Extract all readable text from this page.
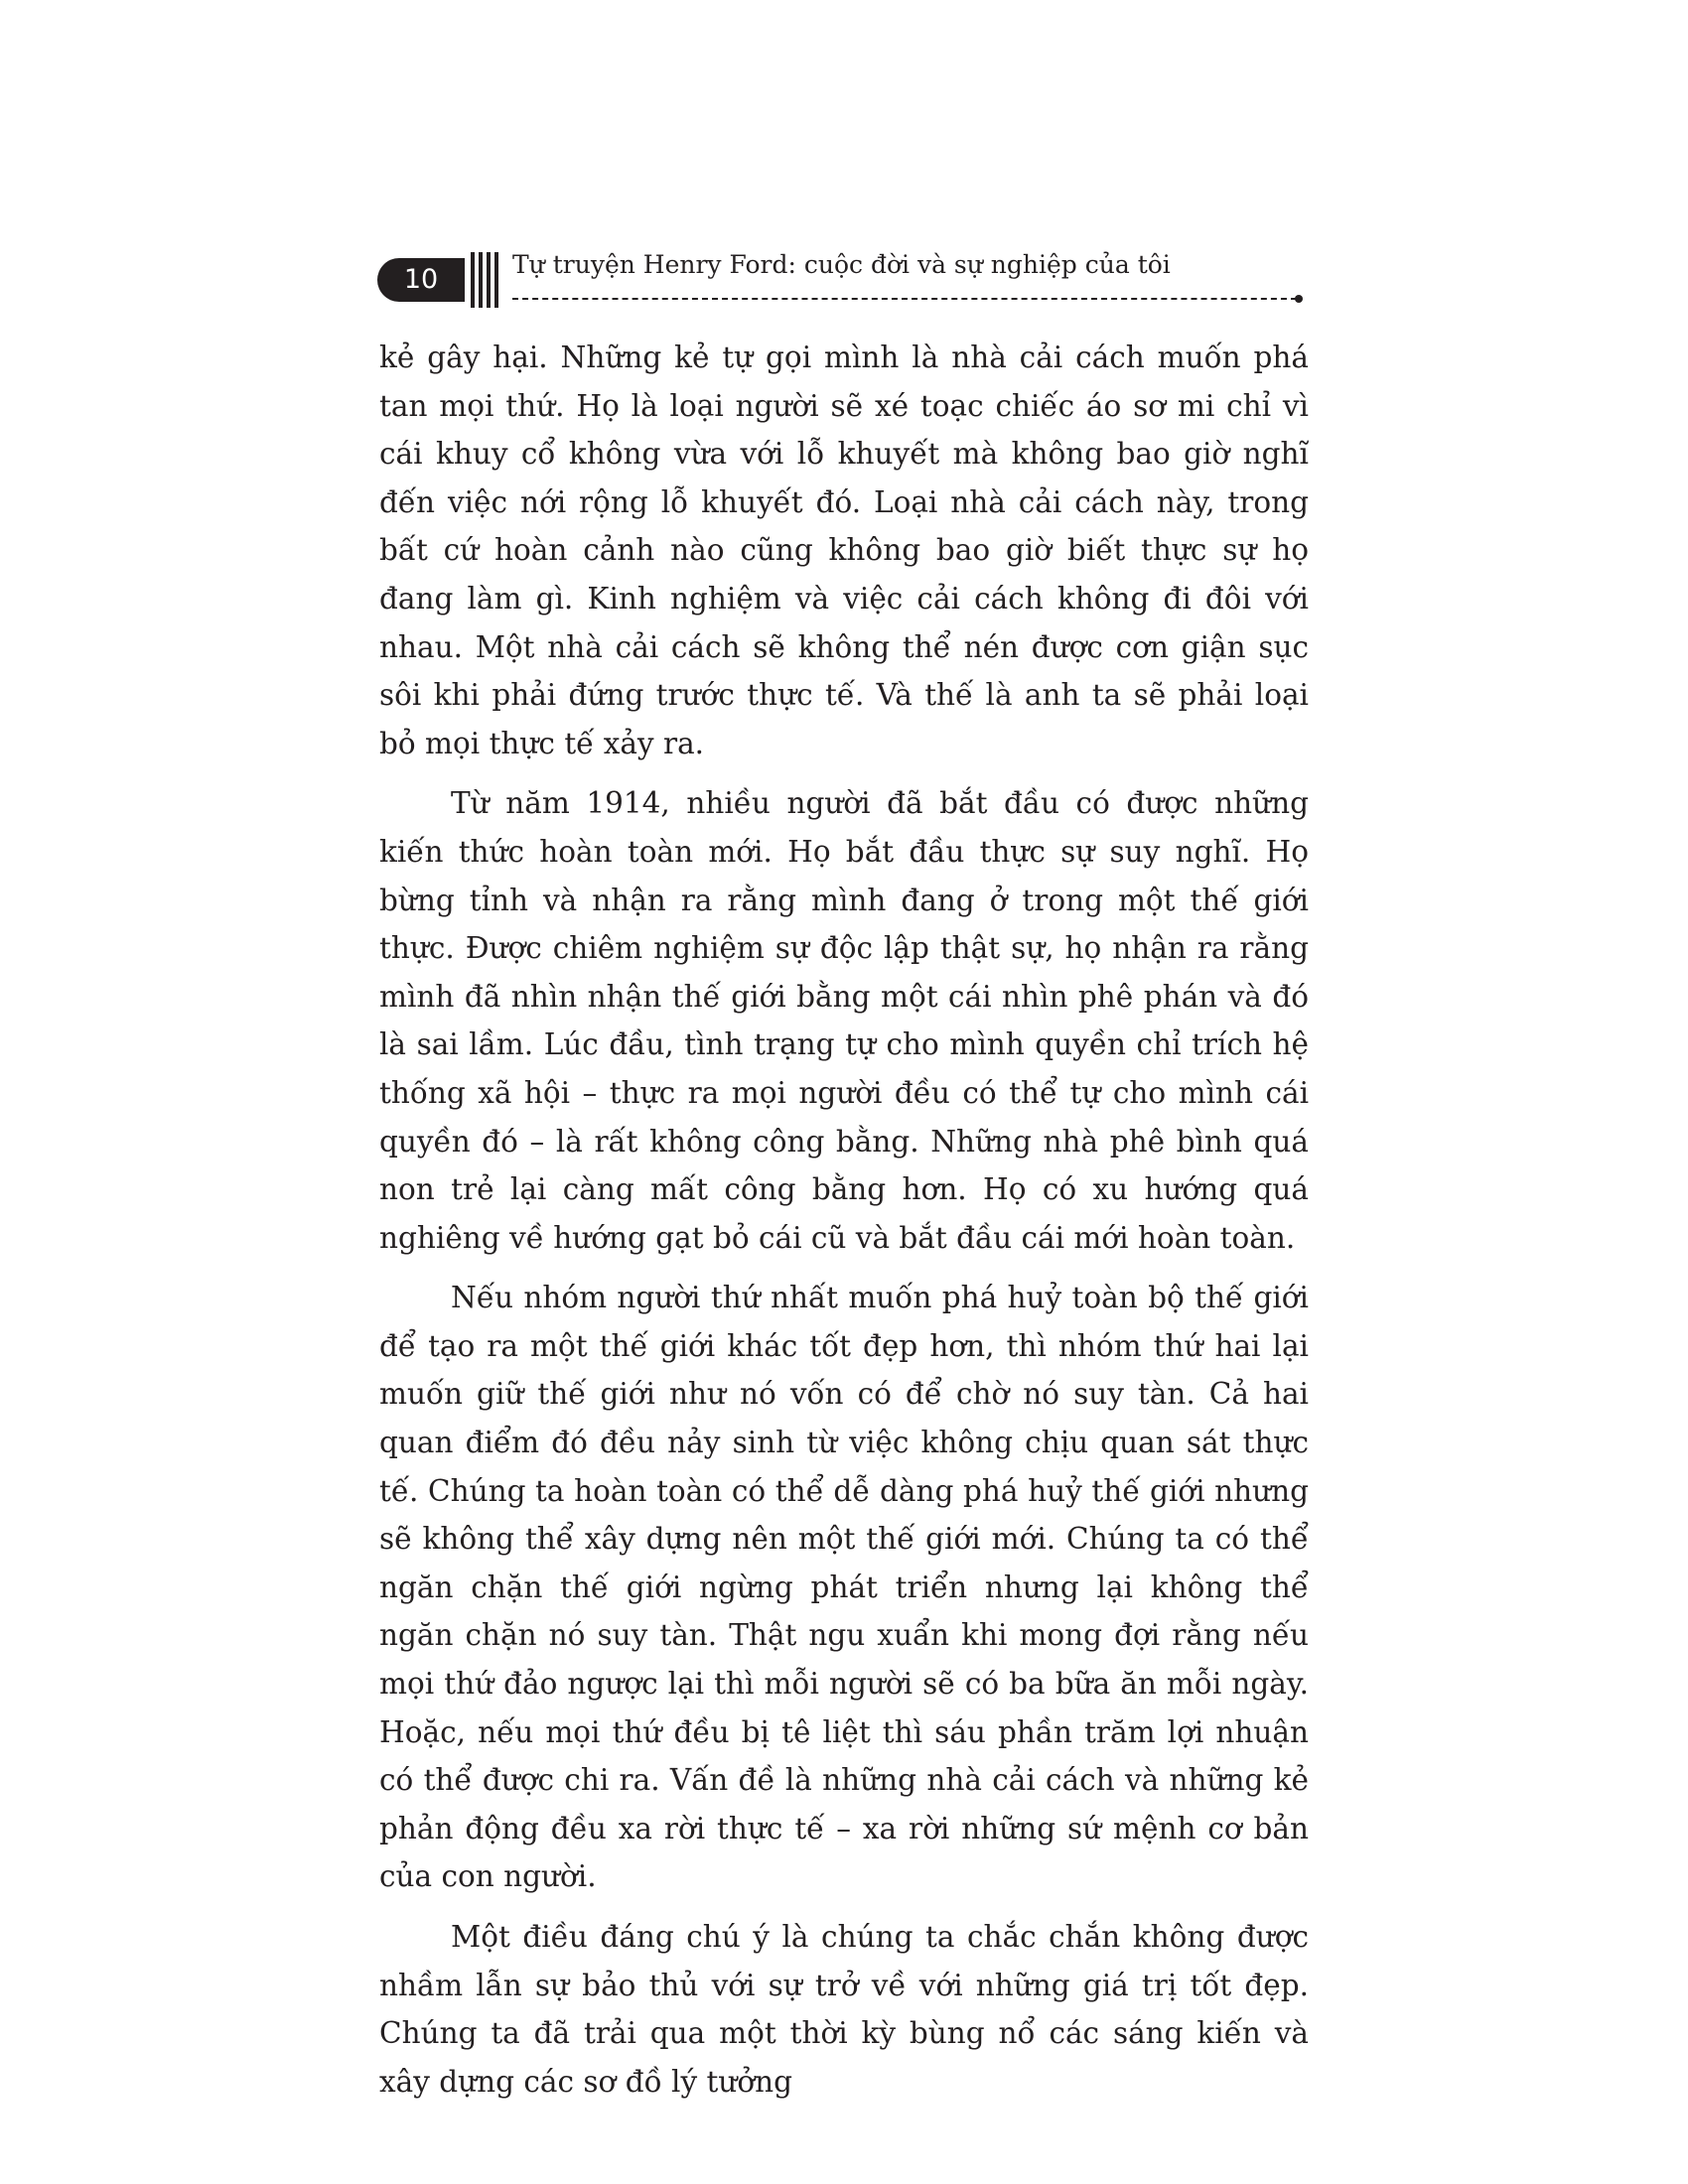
10	Tự truyện Henry Ford: cuộc đời và sự nghiệp của tôi

kẻ gây hại. Những kẻ tự gọi mình là nhà cải cách muốn phá tan mọi thứ. Họ là loại người sẽ xé toạc chiếc áo sơ mi chỉ vì cái khuy cổ không vừa với lỗ khuyết mà không bao giờ nghĩ đến việc nới rộng lỗ khuyết đó. Loại nhà cải cách này, trong bất cứ hoàn cảnh nào cũng không bao giờ biết thực sự họ đang làm gì. Kinh nghiệm và việc cải cách không đi đôi với nhau. Một nhà cải cách sẽ không thể nén được cơn giận sục sôi khi phải đứng trước thực tế. Và thế là anh ta sẽ phải loại bỏ mọi thực tế xảy ra.

Từ năm 1914, nhiều người đã bắt đầu có được những kiến thức hoàn toàn mới. Họ bắt đầu thực sự suy nghĩ. Họ bừng tỉnh và nhận ra rằng mình đang ở trong một thế giới thực. Được chiêm nghiệm sự độc lập thật sự, họ nhận ra rằng mình đã nhìn nhận thế giới bằng một cái nhìn phê phán và đó là sai lầm. Lúc đầu, tình trạng tự cho mình quyền chỉ trích hệ thống xã hội – thực ra mọi người đều có thể tự cho mình cái quyền đó – là rất không công bằng. Những nhà phê bình quá non trẻ lại càng mất công bằng hơn. Họ có xu hướng quá nghiêng về hướng gạt bỏ cái cũ và bắt đầu cái mới hoàn toàn.

Nếu nhóm người thứ nhất muốn phá huỷ toàn bộ thế giới để tạo ra một thế giới khác tốt đẹp hơn, thì nhóm thứ hai lại muốn giữ thế giới như nó vốn có để chờ nó suy tàn. Cả hai quan điểm đó đều nảy sinh từ việc không chịu quan sát thực tế. Chúng ta hoàn toàn có thể dễ dàng phá huỷ thế giới nhưng sẽ không thể xây dựng nên một thế giới mới. Chúng ta có thể ngăn chặn thế giới ngừng phát triển nhưng lại không thể ngăn chặn nó suy tàn. Thật ngu xuẩn khi mong đợi rằng nếu mọi thứ đảo ngược lại thì mỗi người sẽ có ba bữa ăn mỗi ngày. Hoặc, nếu mọi thứ đều bị tê liệt thì sáu phần trăm lợi nhuận có thể được chi ra. Vấn đề là những nhà cải cách và những kẻ phản động đều xa rời thực tế – xa rời những sứ mệnh cơ bản của con người.

Một điều đáng chú ý là chúng ta chắc chắn không được nhầm lẫn sự bảo thủ với sự trở về với những giá trị tốt đẹp. Chúng ta đã trải qua một thời kỳ bùng nổ các sáng kiến và xây dựng các sơ đồ lý tưởng
